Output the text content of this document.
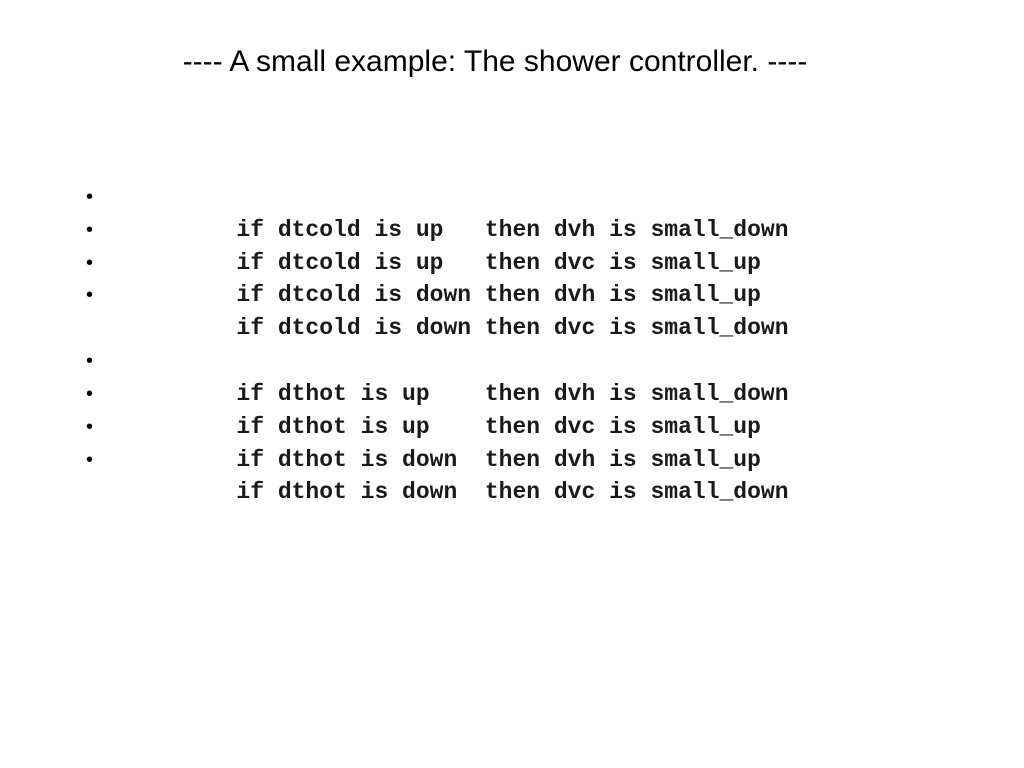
---- A small example: The shower controller. ----

•
if dtcold is up   then dvh is small_down

•
if dtcold is up   then dvc is small_up

•
if dtcold is down then dvh is small_up

•
if dtcold is down then dvc is small_down

•
if dthot is up    then dvh is small_down

•
if dthot is up    then dvc is small_up

•
if dthot is down  then dvh is small_up

•
if dthot is down  then dvc is small_down
